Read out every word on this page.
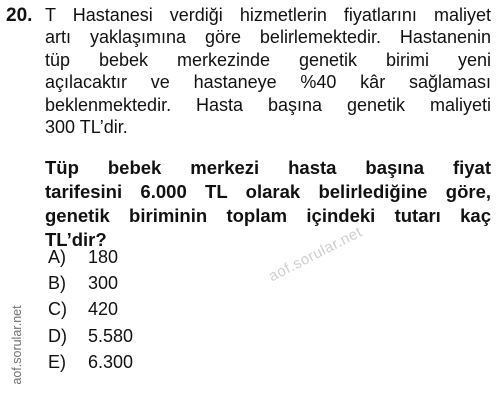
20. T Hastanesi verdiği hizmetlerin fiyatlarını maliyet
artı yaklaşımına göre belirlemektedir. Hastanenin
tüp bebek merkezinde genetik birimi yeni
açılacaktır ve hastaneye %40 kâr sağlaması
beklenmektedir. Hasta başına genetik maliyeti
300 TL’dir.
Tüp bebek merkezi hasta başına fiyat
tarifesini 6.000 TL olarak belirlediğine göre,
genetik biriminin toplam içindeki tutarı kaç
TL’dir?
A)	180
B)	300
C)	420
D)	5.580
E)	6.300
aof.sorular.net
aof.sorular.net
